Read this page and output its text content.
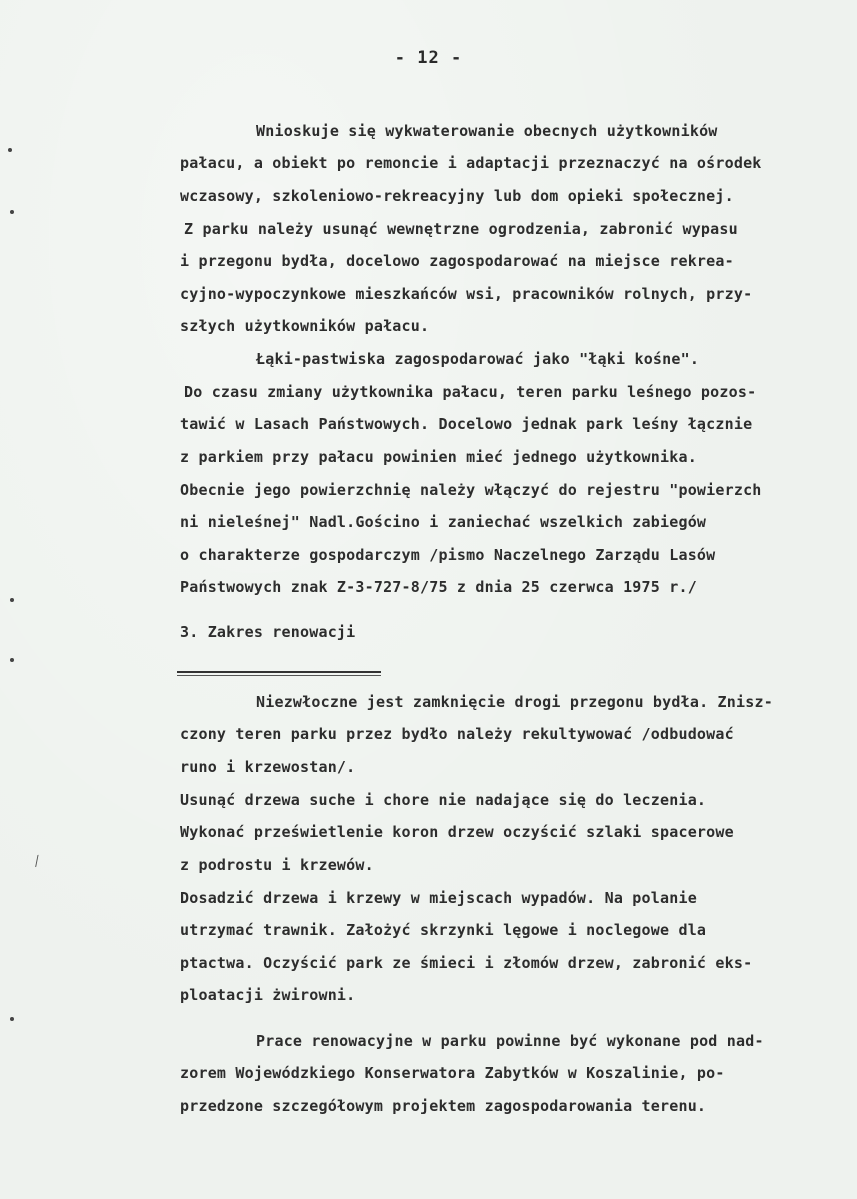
- 12 -
Wnioskuje się wykwaterowanie obecnych użytkowników
pałacu, a obiekt po remoncie i adaptacji przeznaczyć na ośrodek
wczasowy, szkoleniowo-rekreacyjny lub dom opieki społecznej.
Z parku należy usunąć wewnętrzne ogrodzenia, zabronić wypasu
i przegonu bydła, docelowo zagospodarować na miejsce rekrea-
cyjno-wypoczynkowe mieszkańców wsi, pracowników rolnych, przy-
szłych użytkowników pałacu.
Łąki-pastwiska zagospodarować jako "łąki kośne".
Do czasu zmiany użytkownika pałacu, teren parku leśnego pozos-
tawić w Lasach Państwowych. Docelowo jednak park leśny łącznie
z parkiem przy pałacu powinien mieć jednego użytkownika.
Obecnie jego powierzchnię należy włączyć do rejestru "powierzch
ni nieleśnej" Nadl.Gościno i zaniechać wszelkich zabiegów
o charakterze gospodarczym /pismo Naczelnego Zarządu Lasów
Państwowych znak Z-3-727-8/75 z dnia 25 czerwca 1975 r./
3. Zakres renowacji
Niezwłoczne jest zamknięcie drogi przegonu bydła. Znisz-
czony teren parku przez bydło należy rekultywować /odbudować
runo i krzewostan/.
Usunąć drzewa suche i chore nie nadające się do leczenia.
Wykonać prześwietlenie koron drzew oczyścić szlaki spacerowe
z podrostu i krzewów.
Dosadzić drzewa i krzewy w miejscach wypadów. Na polanie
utrzymać trawnik. Założyć skrzynki lęgowe i noclegowe dla
ptactwa. Oczyścić park ze śmieci i złomów drzew, zabronić eks-
ploatacji żwirowni.
Prace renowacyjne w parku powinne być wykonane pod nad-
zorem Wojewódzkiego Konserwatora Zabytków w Koszalinie, po-
przedzone szczegółowym projektem zagospodarowania terenu.
⁄
